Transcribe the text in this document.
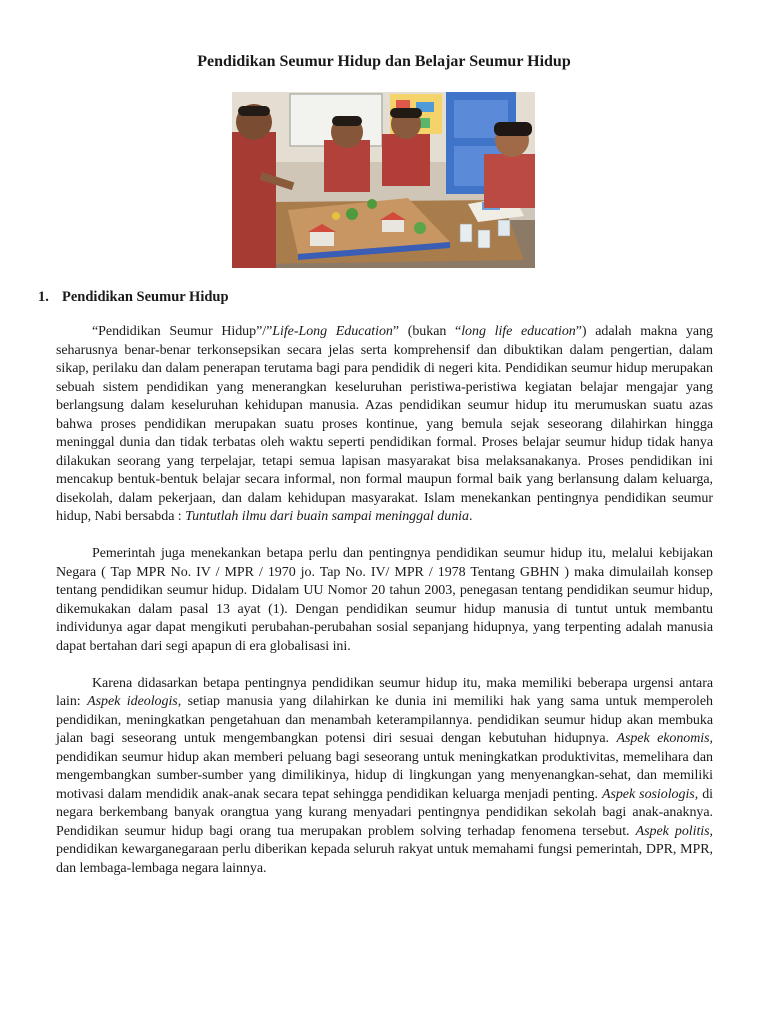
Pendidikan Seumur Hidup dan Belajar Seumur Hidup
1. Pendidikan Seumur Hidup

“Pendidikan Seumur Hidup”/”Life-Long Education” (bukan “long life education”) adalah makna yang seharusnya benar-benar terkonsepsikan secara jelas serta komprehensif dan dibuktikan dalam pengertian, dalam sikap, perilaku dan dalam penerapan terutama bagi para pendidik di negeri kita. Pendidikan seumur hidup merupakan sebuah sistem pendidikan yang menerangkan keseluruhan peristiwa-peristiwa kegiatan belajar mengajar yang berlangsung dalam keseluruhan kehidupan manusia. Azas pendidikan seumur hidup itu merumuskan suatu azas bahwa proses pendidikan merupakan suatu proses kontinue, yang bemula sejak seseorang dilahirkan hingga meninggal dunia dan tidak terbatas oleh waktu seperti pendidikan formal. Proses belajar seumur hidup tidak hanya dilakukan seorang yang terpelajar, tetapi semua lapisan masyarakat bisa melaksanakanya. Proses pendidikan ini mencakup bentuk-bentuk belajar secara informal, non formal maupun formal baik yang berlansung dalam keluarga, disekolah, dalam pekerjaan, dan dalam kehidupan masyarakat. Islam menekankan pentingnya pendidikan seumur hidup, Nabi bersabda : Tuntutlah ilmu dari buain sampai meninggal dunia.

Pemerintah juga menekankan betapa perlu dan pentingnya pendidikan seumur hidup itu, melalui kebijakan Negara ( Tap MPR No. IV / MPR / 1970 jo. Tap No. IV/ MPR / 1978 Tentang GBHN ) maka dimulailah konsep tentang pendidikan seumur hidup. Didalam UU Nomor 20 tahun 2003, penegasan tentang pendidikan seumur hidup, dikemukakan dalam pasal 13 ayat (1). Dengan pendidikan seumur hidup manusia di tuntut untuk membantu individunya agar dapat mengikuti perubahan-perubahan sosial sepanjang hidupnya, yang terpenting adalah manusia dapat bertahan dari segi apapun di era globalisasi ini.

Karena didasarkan betapa pentingnya pendidikan seumur hidup itu, maka memiliki beberapa urgensi antara lain: Aspek ideologis, setiap manusia yang dilahirkan ke dunia ini memiliki hak yang sama untuk memperoleh pendidikan, meningkatkan pengetahuan dan menambah keterampilannya. pendidikan seumur hidup akan membuka jalan bagi seseorang untuk mengembangkan potensi diri sesuai dengan kebutuhan hidupnya. Aspek ekonomis, pendidikan seumur hidup akan memberi peluang bagi seseorang untuk meningkatkan produktivitas, memelihara dan mengembangkan sumber-sumber yang dimilikinya, hidup di lingkungan yang menyenangkan-sehat, dan memiliki motivasi dalam mendidik anak-anak secara tepat sehingga pendidikan keluarga menjadi penting. Aspek sosiologis, di negara berkembang banyak orangtua yang kurang menyadari pentingnya pendidikan sekolah bagi anak-anaknya. Pendidikan seumur hidup bagi orang tua merupakan problem solving terhadap fenomena tersebut. Aspek politis, pendidikan kewarganegaraan perlu diberikan kepada seluruh rakyat untuk memahami fungsi pemerintah, DPR, MPR, dan lembaga-lembaga negara lainnya.
